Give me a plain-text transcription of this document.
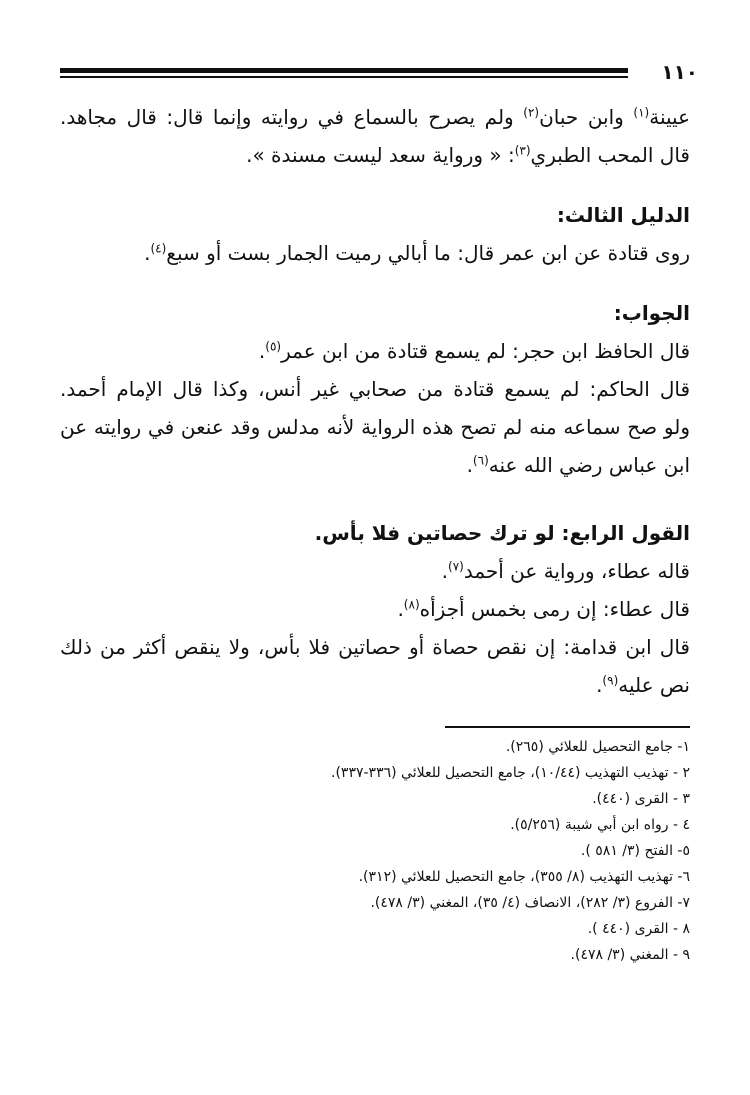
١١٠
عيينة$^{(١)}$ وابن حبان$^{(٢)}$ ولم يصرح بالسماع في روايته وإنما قال: قال مجاهد.
قال المحب الطبري$^{(٣)}$: « ورواية سعد ليست مسندة ».
الدليل الثالث:
روى قتادة عن ابن عمر قال: ما أبالي رميت الجمار بست أو سبع$^{(٤)}$.
الجواب:
قال الحافظ ابن حجر: لم يسمع قتادة من ابن عمر$^{(٥)}$.
قال الحاكم: لم يسمع قتادة من صحابي غير أنس، وكذا قال الإمام أحمد.
ولو صح سماعه منه لم تصح هذه الرواية لأنه مدلس وقد عنعن في روايته عن
ابن عباس رضي الله عنه$^{(٦)}$.
القول الرابع: لو ترك حصاتين فلا بأس.
قاله عطاء، ورواية عن أحمد$^{(٧)}$.
قال عطاء: إن رمى بخمس أجزأه$^{(٨)}$.
قال ابن قدامة: إن نقص حصاة أو حصاتين فلا بأس، ولا ينقص أكثر من ذلك
نص عليه$^{(٩)}$.
١- جامع التحصيل للعلائي (٢٦٥).
٢ - تهذيب التهذيب (١٠/٤٤)، جامع التحصيل للعلائي (٣٣٦-٣٣٧).
٣ - القرى (٤٤٠).
٤ - رواه ابن أبي شيبة (٥/٢٥٦).
٥- الفتح (٣/ ٥٨١ ).
٦- تهذيب التهذيب (٨/ ٣٥٥)، جامع التحصيل للعلائي (٣١٢).
٧- الفروع (٣/ ٢٨٢)، الانصاف (٤/ ٣٥)، المغني (٣/ ٤٧٨).
٨ - القرى (٤٤٠ ).
٩ - المغني (٣/ ٤٧٨).
